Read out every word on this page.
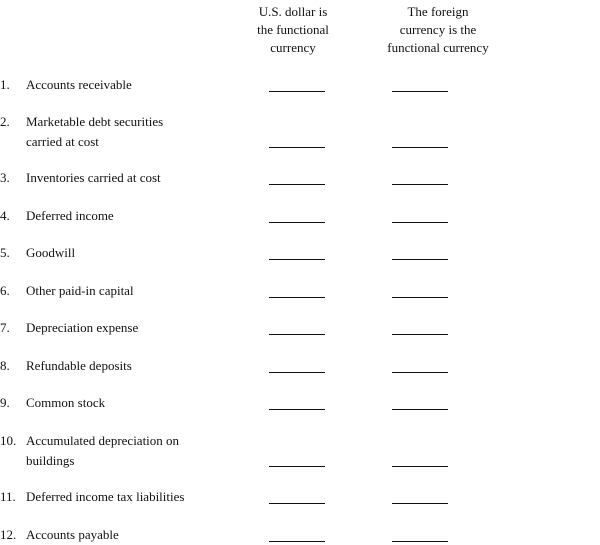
U.S. dollar is
the functional
currency
The foreign
currency is the
functional currency
1. Accounts receivable
2. Marketable debt securities
carried at cost
3. Inventories carried at cost
4. Deferred income
5. Goodwill
6. Other paid-in capital
7. Depreciation expense
8. Refundable deposits
9. Common stock
10. Accumulated depreciation on
buildings
11. Deferred income tax liabilities
12. Accounts payable
